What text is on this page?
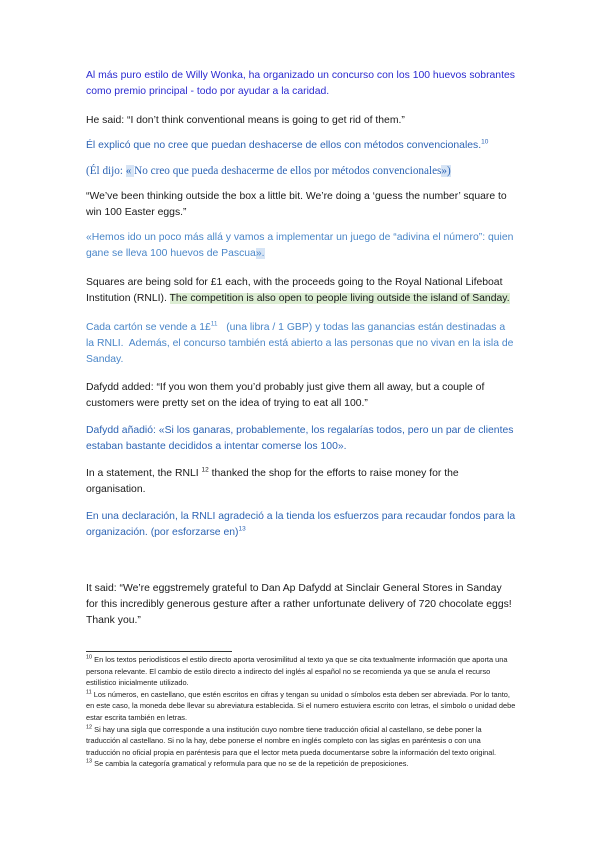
Al más puro estilo de Willy Wonka, ha organizado un concurso con los 100 huevos sobrantes como premio principal - todo por ayudar a la caridad.

He said: “I don’t think conventional means is going to get rid of them.”

Él explicó que no cree que puedan deshacerse de ellos con métodos convencionales.$^{10}$

(Él dijo: « No creo que pueda deshacerme de ellos por métodos convencionales»)

“We’ve been thinking outside the box a little bit. We’re doing a ‘guess the number’ square to win 100 Easter eggs.”

«Hemos ido un poco más allá y vamos a implementar un juego de “adivina el número”: quien gane se lleva 100 huevos de Pascua».

Squares are being sold for £1 each, with the proceeds going to the Royal National Lifeboat Institution (RNLI). The competition is also open to people living outside the island of Sanday.

Cada cartón se vende a 1£$^{11}$   (una libra / 1 GBP) y todas las ganancias están destinadas a la RNLI.  Además, el concurso también está abierto a las personas que no vivan en la isla de Sanday.

Dafydd added: “If you won them you’d probably just give them all away, but a couple of customers were pretty set on the idea of trying to eat all 100.”

Dafydd añadió: «Si los ganaras, probablemente, los regalarías todos, pero un par de clientes estaban bastante decididos a intentar comerse los 100».

In a statement, the RNLI $^{12}$ thanked the shop for the efforts to raise money for the organisation.

En una declaración, la RNLI agradeció a la tienda los esfuerzos para recaudar fondos para la organización. (por esforzarse en)$^{13}$

It said: “We’re eggstremely grateful to Dan Ap Dafydd at Sinclair General Stores in Sanday for this incredibly generous gesture after a rather unfortunate delivery of 720 chocolate eggs! Thank you.”

$^{10}$ En los textos periodísticos el estilo directo aporta verosimilitud al texto ya que se cita textualmente información que aporta una persona relevante. El cambio de estilo directo a indirecto del inglés al español no se recomienda ya que se anula el recurso estilístico inicialmente utilizado.

$^{11}$ Los números, en castellano, que estén escritos en cifras y tengan su unidad o símbolos esta deben ser abreviada. Por lo tanto, en este caso, la moneda debe llevar su abreviatura establecida. Si el numero estuviera escrito con letras, el símbolo o unidad debe estar escrita también en letras.

$^{12}$ Si hay una sigla que corresponde a una institución cuyo nombre tiene traducción oficial al castellano, se debe poner la traducción al castellano. Si no la hay, debe ponerse el nombre en inglés completo con las siglas en paréntesis o con una traducción no oficial propia en paréntesis para que el lector meta pueda documentarse sobre la información del texto original.

$^{13}$ Se cambia la categoría gramatical y reformula para que no se de la repetición de preposiciones.
